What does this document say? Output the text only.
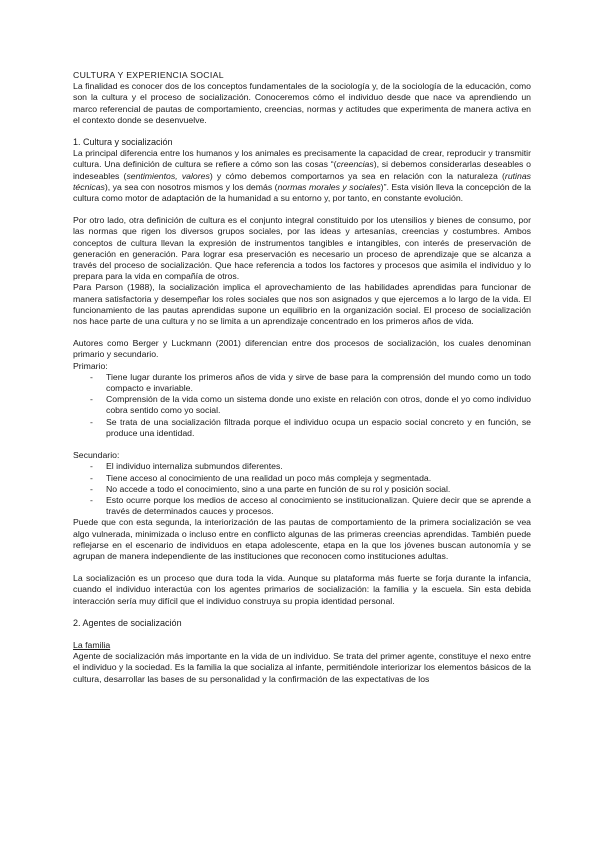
CULTURA Y EXPERIENCIA SOCIAL

La finalidad es conocer dos de los conceptos fundamentales de la sociología y, de la sociología de la educación, como son la cultura y el proceso de socialización. Conoceremos cómo el individuo desde que nace va aprendiendo un marco referencial de pautas de comportamiento, creencias, normas y actitudes que experimenta de manera activa en el contexto donde se desenvuelve.

1. Cultura y socialización

La principal diferencia entre los humanos y los animales es precisamente la capacidad de crear, reproducir y transmitir cultura. Una definición de cultura se refiere a cómo son las cosas “(creencias), si debemos considerarlas deseables o indeseables (sentimientos, valores) y cómo debemos comportarnos ya sea en relación con la naturaleza (rutinas técnicas), ya sea con nosotros mismos y los demás (normas morales y sociales)”. Esta visión lleva la concepción de la cultura como motor de adaptación de la humanidad a su entorno y, por tanto, en constante evolución.

Por otro lado, otra definición de cultura es el conjunto integral constituido por los utensilios y bienes de consumo, por las normas que rigen los diversos grupos sociales, por las ideas y artesanías, creencias y costumbres. Ambos conceptos de cultura llevan la expresión de instrumentos tangibles e intangibles, con interés de preservación de generación en generación. Para lograr esa preservación es necesario un proceso de aprendizaje que se alcanza a través del proceso de socialización. Que hace referencia a todos los factores y procesos que asimila el individuo y lo prepara para la vida en compañía de otros.

Para Parson (1988), la socialización implica el aprovechamiento de las habilidades aprendidas para funcionar de manera satisfactoria y desempeñar los roles sociales que nos son asignados y que ejercemos a lo largo de la vida. El funcionamiento de las pautas aprendidas supone un equilibrio en la organización social. El proceso de socialización nos hace parte de una cultura y no se limita a un aprendizaje concentrado en los primeros años de vida.

Autores como Berger y Luckmann (2001) diferencian entre dos procesos de socialización, los cuales denominan primario y secundario.

Primario:

- Tiene lugar durante los primeros años de vida y sirve de base para la comprensión del mundo como un todo compacto e invariable.
- Comprensión de la vida como un sistema donde uno existe en relación con otros, donde el yo como individuo cobra sentido como yo social.
- Se trata de una socialización filtrada porque el individuo ocupa un espacio social concreto y en función, se produce una identidad.

Secundario:

- El individuo internaliza submundos diferentes.
- Tiene acceso al conocimiento de una realidad un poco más compleja y segmentada.
- No accede a todo el conocimiento, sino a una parte en función de su rol y posición social.
- Esto ocurre porque los medios de acceso al conocimiento se institucionalizan. Quiere decir que se aprende a través de determinados cauces y procesos.

Puede que con esta segunda, la interiorización de las pautas de comportamiento de la primera socialización se vea algo vulnerada, minimizada o incluso entre en conflicto algunas de las primeras creencias aprendidas. También puede reflejarse en el escenario de individuos en etapa adolescente, etapa en la que los jóvenes buscan autonomía y se agrupan de manera independiente de las instituciones que reconocen como instituciones adultas.

La socialización es un proceso que dura toda la vida. Aunque su plataforma más fuerte se forja durante la infancia, cuando el individuo interactúa con los agentes primarios de socialización: la familia y la escuela. Sin esta debida interacción sería muy difícil que el individuo construya su propia identidad personal.

2. Agentes de socialización

La familia

Agente de socialización más importante en la vida de un individuo. Se trata del primer agente, constituye el nexo entre el individuo y la sociedad. Es la familia la que socializa al infante, permitiéndole interiorizar los elementos básicos de la cultura, desarrollar las bases de su personalidad y la confirmación de las expectativas de los
